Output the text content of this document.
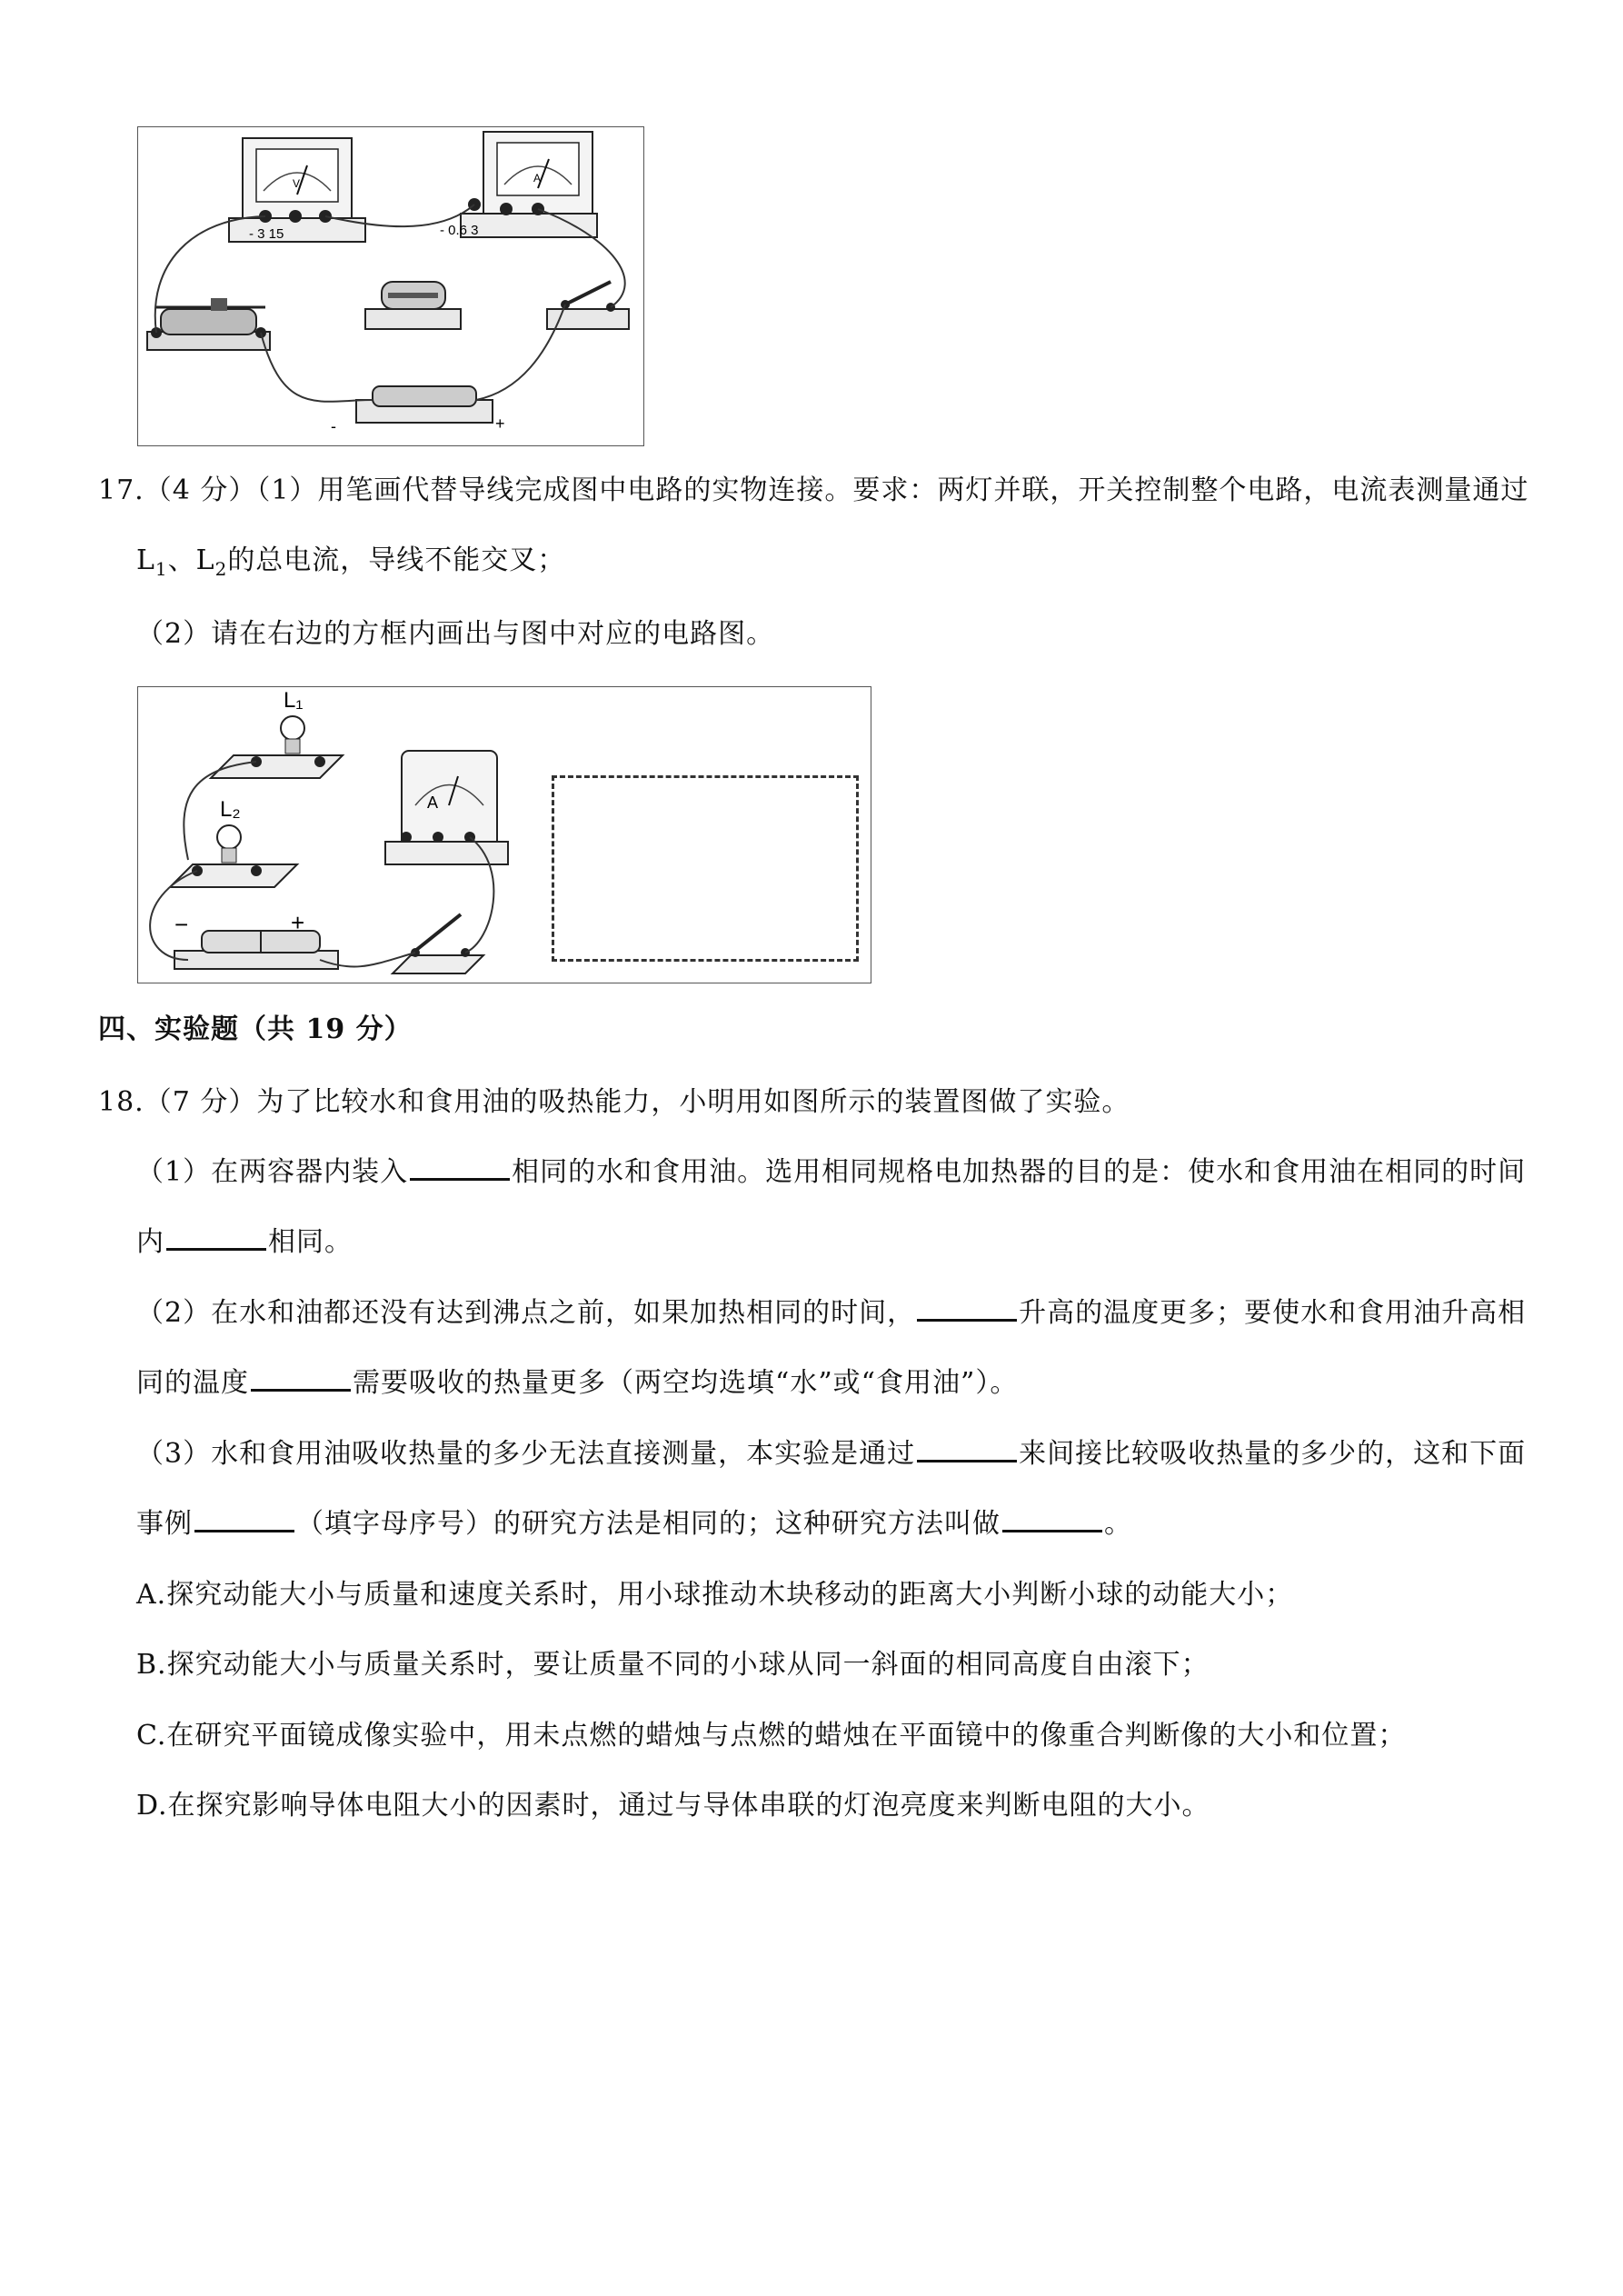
V
- 3 15
A
- 0.6 3
-	+
17.（4 分）（1）用笔画代替导线完成图中电路的实物连接。要求：两灯并联，开关控制整个电路，电流表测量通过
$L_1$、$L_2$的总电流，导线不能交叉；
（2）请在右边的方框内画出与图中对应的电路图。
L₁
L₂	A
−	+
四、实验题（共 19 分）
18.（7 分）为了比较水和食用油的吸热能力，小明用如图所示的装置图做了实验。
（1）在两容器内装入	相同的水和食用油。选用相同规格电加热器的目的是：使水和食用油在相同的时间
内	相同。
（2）在水和油都还没有达到沸点之前，如果加热相同的时间，	升高的温度更多；要使水和食用油升高相
同的温度	需要吸收的热量更多（两空均选填“水”或“食用油”）。
（3）水和食用油吸收热量的多少无法直接测量，本实验是通过	来间接比较吸收热量的多少的，这和下面
事例	（填字母序号）的研究方法是相同的；这种研究方法叫做	。
A.探究动能大小与质量和速度关系时，用小球推动木块移动的距离大小判断小球的动能大小；
B.探究动能大小与质量关系时，要让质量不同的小球从同一斜面的相同高度自由滚下；
C.在研究平面镜成像实验中，用未点燃的蜡烛与点燃的蜡烛在平面镜中的像重合判断像的大小和位置；
D.在探究影响导体电阻大小的因素时，通过与导体串联的灯泡亮度来判断电阻的大小。
